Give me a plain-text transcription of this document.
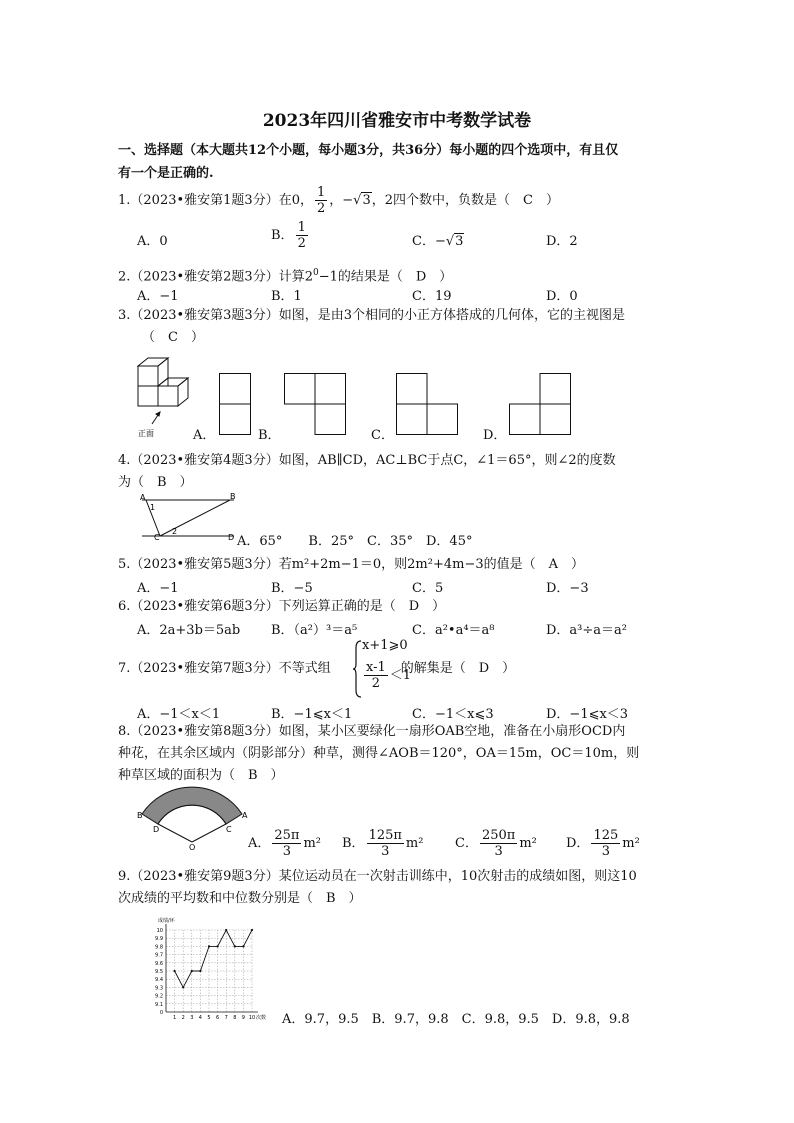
2023年四川省雅安市中考数学试卷
一、选择题（本大题共12个小题，每小题3分，共36分）每小题的四个选项中，有且仅
有一个是正确的.
1.（2023•雅安第1题3分）在0， $\frac{1}{2}$ ，−√3，2四个数中，负数是（　C　）
A．0	B． $\frac{1}{2}$	C．−√3	D．2
2.（2023•雅安第2题3分）计算$2^0-1$的结果是（　D　）
A．−1	B．1	C．19	D．0
3.（2023•雅安第3题3分）如图，是由3个相同的小正方体搭成的几何体，它的主视图是
（　C　）
正面	A．	B．	C．	D．
4.（2023•雅安第4题3分）如图，AB∥CD，AC⊥BC于点C，∠1＝65°，则∠2的度数
为（　B　）
A	B
C	D
1
2
A．65°　　B．25°　C．35°　D．45°
5.（2023•雅安第5题3分）若m²+2m−1＝0，则2m²+4m−3的值是（　A　）
A．−1	B．−5	C．5	D．−3
6.（2023•雅安第6题3分）下列运算正确的是（　D　）
A．2a+3b＝5ab B．（a²）³＝a⁵	C．a²•a⁴＝a⁸	D．a³÷a＝a²
7.（2023•雅安第7题3分）不等式组	的解集是（　D　）
x+1⩾0
$\frac{x-1}{2} <1$
A．−1＜x＜1	B．−1⩽x＜1	C．−1＜x⩽3	D．−1⩽x＜3
8.（2023•雅安第8题3分）如图，某小区要绿化一扇形OAB空地，准备在小扇形OCD内
种花，在其余区域内（阴影部分）种草，测得∠AOB＝120°，OA＝15m，OC＝10m，则
种草区域的面积为（　B　）
B	A
D	C
O	A． $\frac{25\pi}{3} m^2$ B． $\frac{125\pi}{3} m^2$ C． $\frac{250\pi}{3} m^2$ D． $\frac{125}{3} m^2$
9.（2023•雅安第9题3分）某位运动员在一次射击训练中，10次射击的成绩如图，则这10
次成绩的平均数和中位数分别是（　B　）
9.1
9.2
9.3
9.4
9.5
9.6
9.7
9.8
9.9
10
0
1 2 3 4 5 6 7 8 9 10
成绩/环
次数 A．9.7，9.5　B．9.7，9.8　C．9.8，9.5　D．9.8，9.8
